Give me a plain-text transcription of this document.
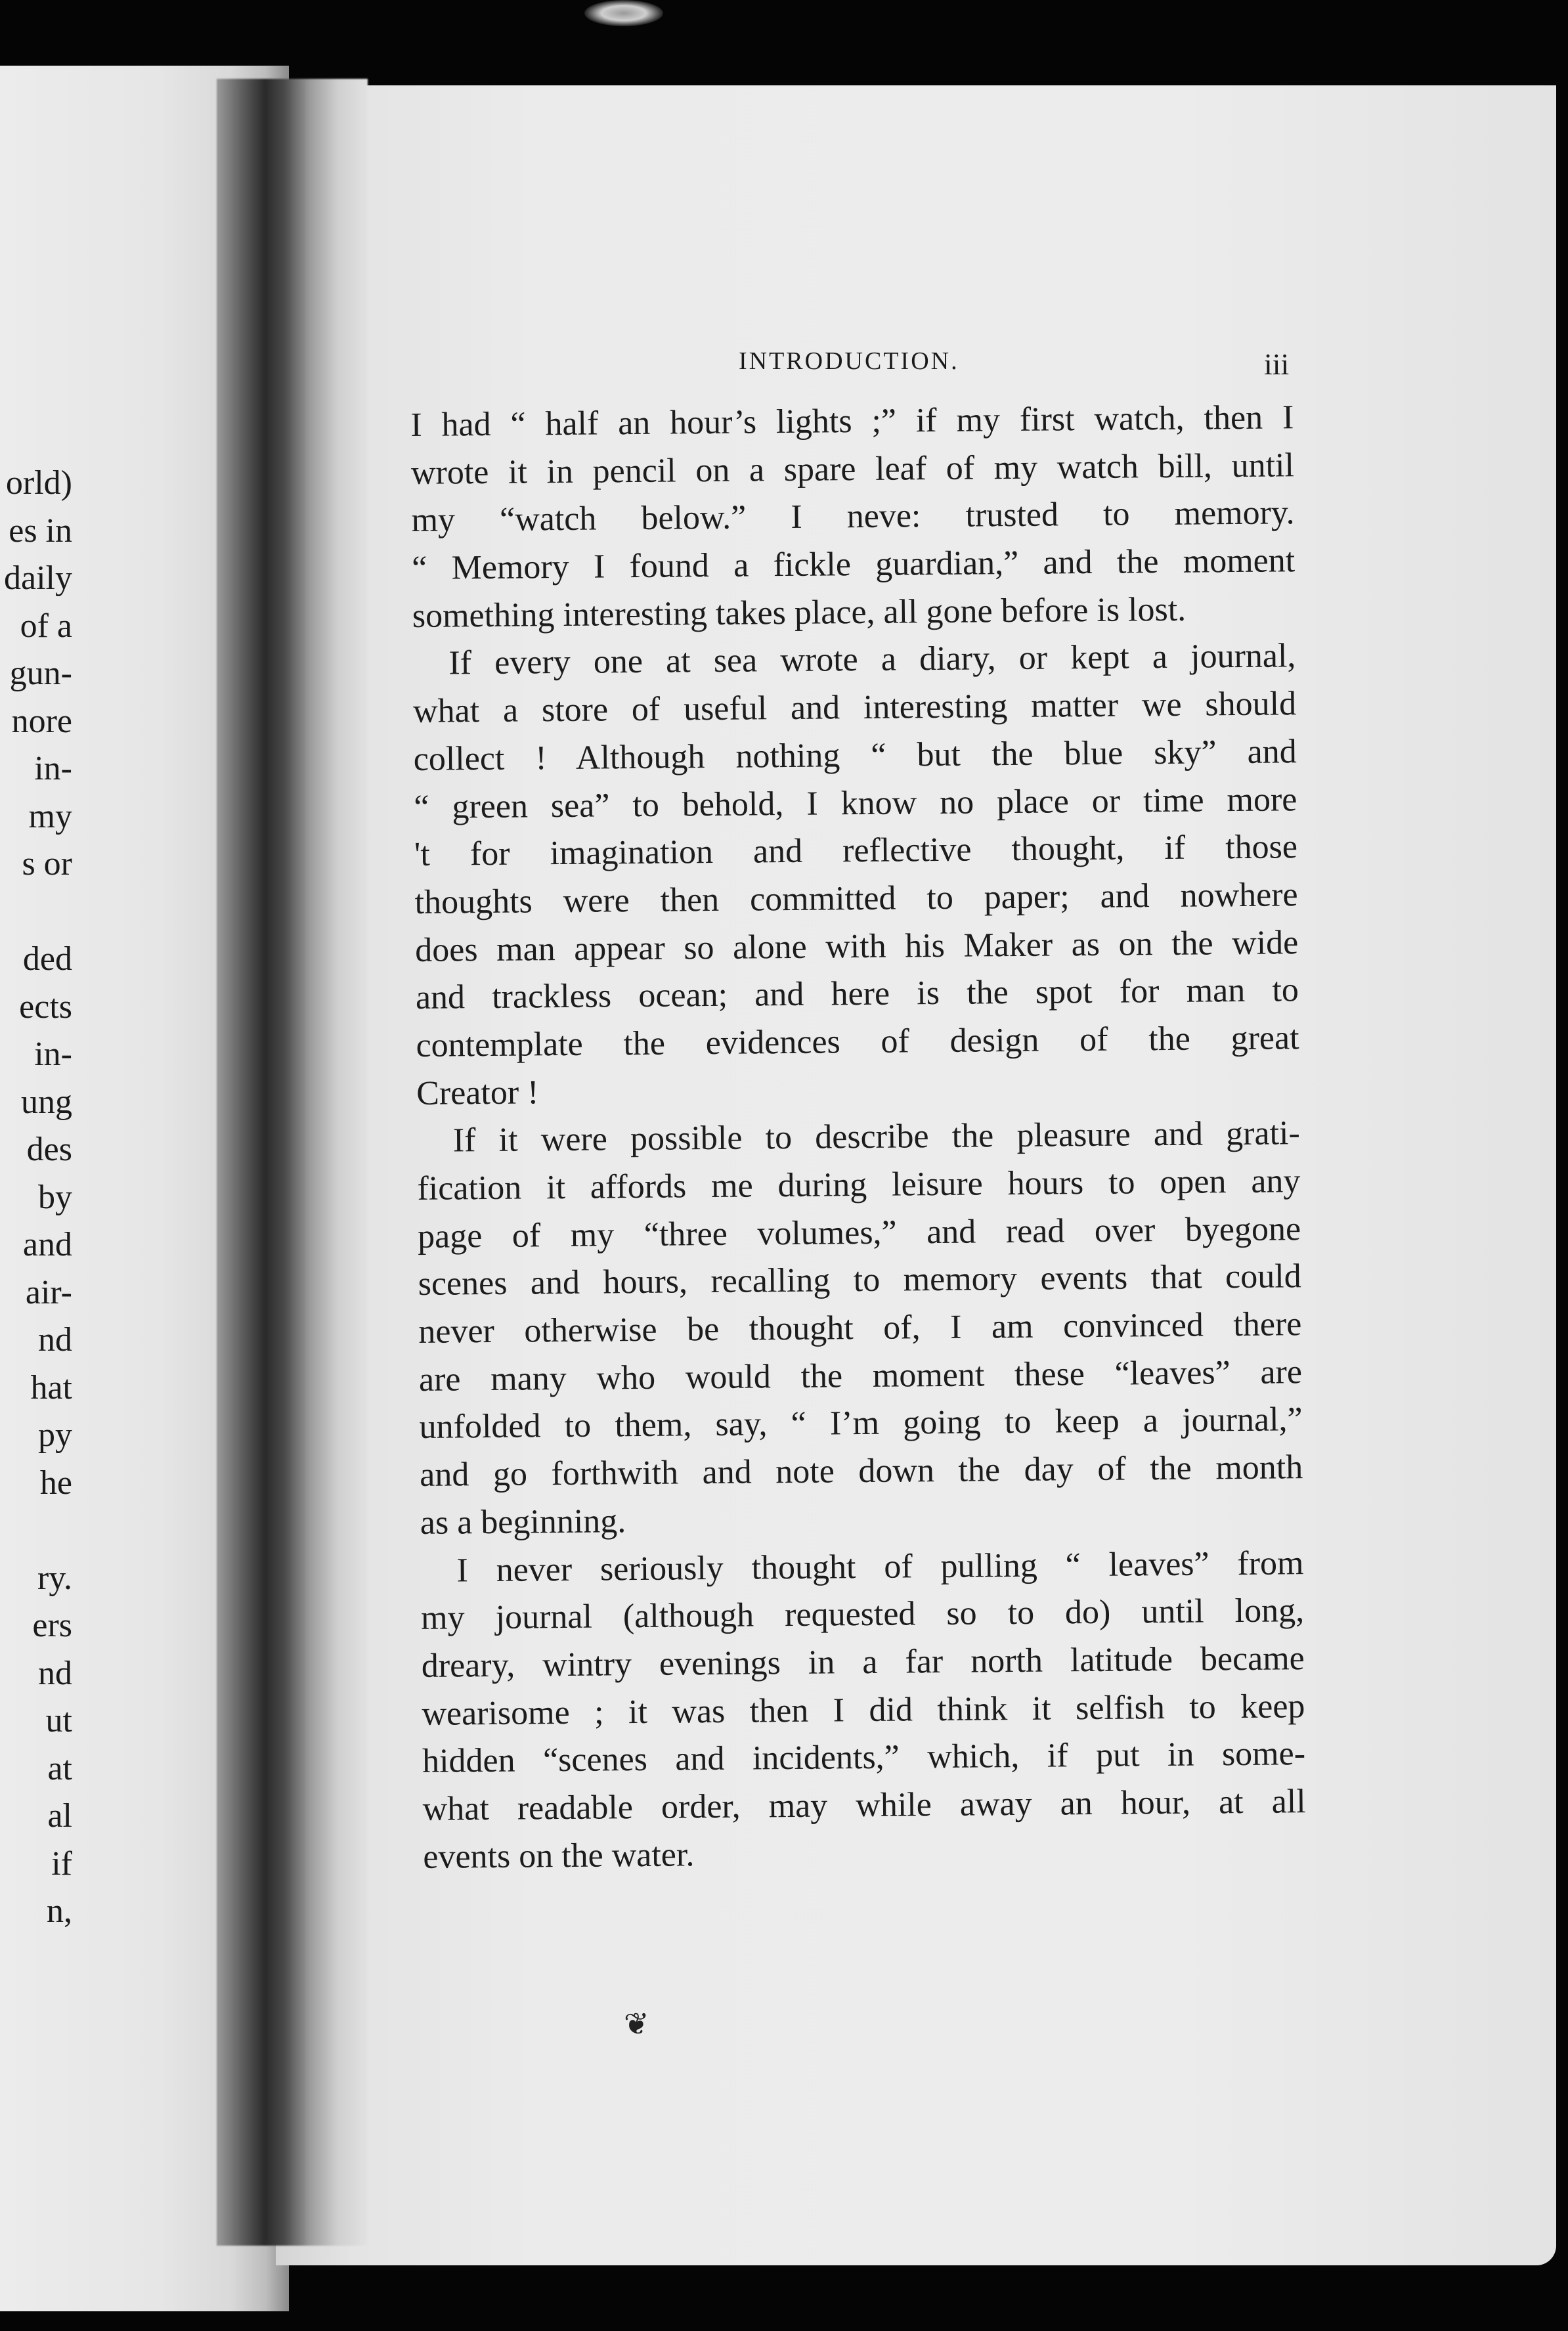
orld)
es in
daily
of a
gun-
nore
in-
my
s or
ded
ects
in-
ung
des
by
and
air-
nd
hat
py
he
ry.
ers
nd
ut
at
al
if
n,
INTRODUCTION.	iii
I had “ half an hour’s lights ;” if my first watch, then I
wrote it in pencil on a spare leaf of my watch bill, until
my “watch below.” I neve: trusted to memory.
“ Memory I found a fickle guardian,” and the moment
something interesting takes place, all gone before is lost.
If every one at sea wrote a diary, or kept a journal,
what a store of useful and interesting matter we should
collect ! Although nothing “ but the blue sky” and
“ green sea” to behold, I know no place or time more
't for imagination and reflective thought, if those
thoughts were then committed to paper; and nowhere
does man appear so alone with his Maker as on the wide
and trackless ocean; and here is the spot for man to
contemplate the evidences of design of the great
Creator !
If it were possible to describe the pleasure and grati-
fication it affords me during leisure hours to open any
page of my “three volumes,” and read over byegone
scenes and hours, recalling to memory events that could
never otherwise be thought of, I am convinced there
are many who would the moment these “leaves” are
unfolded to them, say, “ I’m going to keep a journal,”
and go forthwith and note down the day of the month
as a beginning.
I never seriously thought of pulling “ leaves” from
my journal (although requested so to do) until long,
dreary, wintry evenings in a far north latitude became
wearisome ; it was then I did think it selfish to keep
hidden “scenes and incidents,” which, if put in some-
what readable order, may while away an hour, at all
events on the water.
❦
